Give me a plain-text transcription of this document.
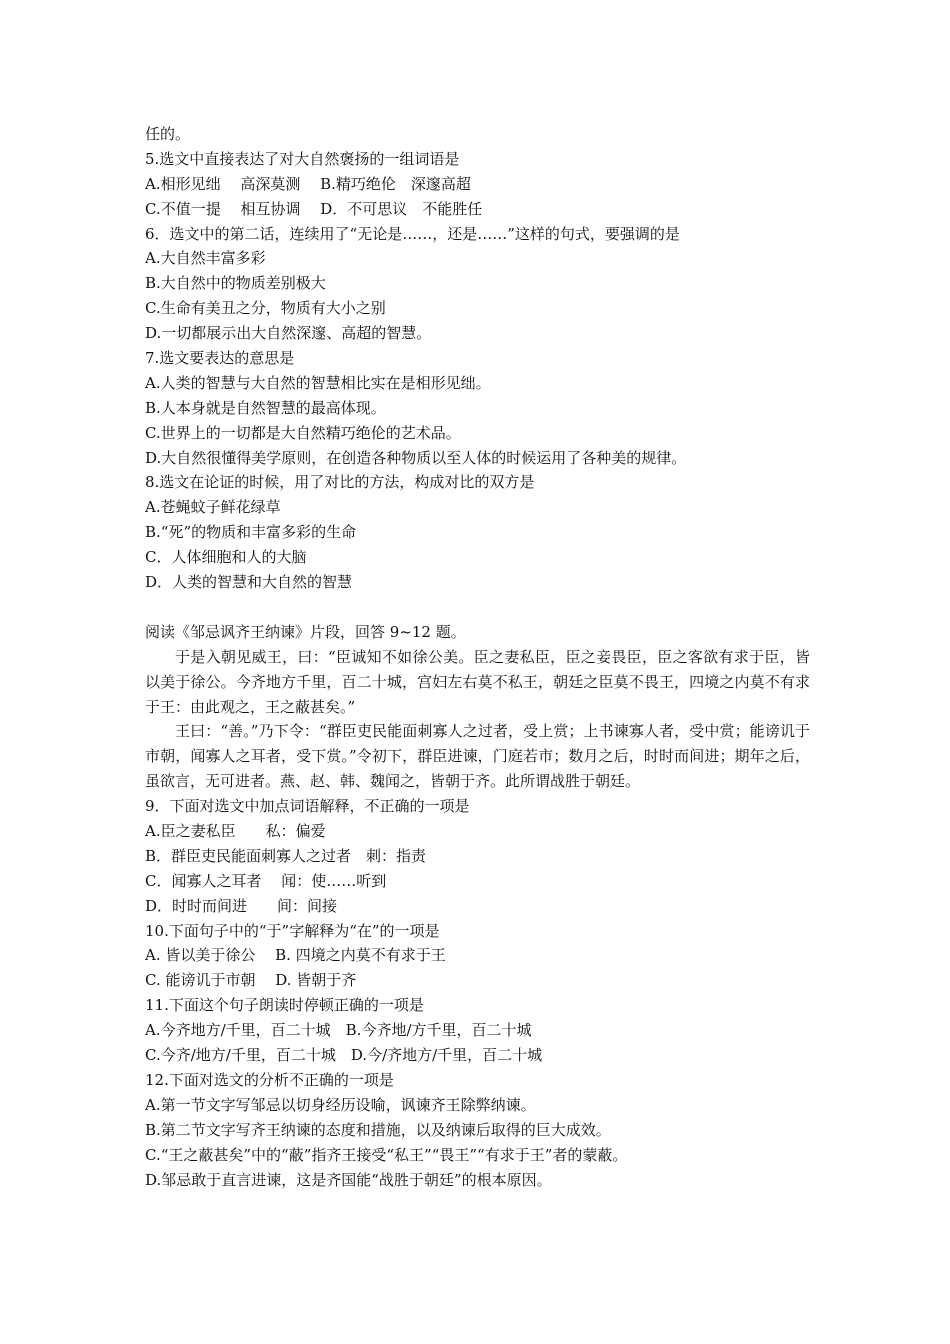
任的。
5.选文中直接表达了对大自然褒扬的一组词语是
A.相形见绌　 高深莫测　 B.精巧绝伦　深邃高超
C.不值一提　 相互协调　 D．不可思议　不能胜任
6．选文中的第二话，连续用了“无论是……，还是……”这样的句式，要强调的是
A.大自然丰富多彩
B.大自然中的物质差别极大
C.生命有美丑之分，物质有大小之别
D.一切都展示出大自然深邃、高超的智慧。
7.选文要表达的意思是
A.人类的智慧与大自然的智慧相比实在是相形见绌。
B.人本身就是自然智慧的最高体现。
C.世界上的一切都是大自然精巧绝伦的艺术品。
D.大自然很懂得美学原则，在创造各种物质以至人体的时候运用了各种美的规律。
8.选文在论证的时候，用了对比的方法，构成对比的双方是
A.苍蝇蚊子鲜花绿草
B.“死”的物质和丰富多彩的生命
C．人体细胞和人的大脑
D．人类的智慧和大自然的智慧
阅读《邹忌讽齐王纳谏》片段，回答 9~12 题。

于是入朝见威王，曰：“臣诚知不如徐公美。臣之妻私臣，臣之妾畏臣，臣之客欲有求于臣，皆以美于徐公。今齐地方千里，百二十城，宫妇左右莫不私王，朝廷之臣莫不畏王，四境之内莫不有求于王：由此观之，王之蔽甚矣。”

王曰：“善。”乃下令：“群臣吏民能面刺寡人之过者，受上赏；上书谏寡人者，受中赏；能谤讥于市朝，闻寡人之耳者，受下赏。”令初下，群臣进谏，门庭若市；数月之后，时时而间进；期年之后，虽欲言，无可进者。燕、赵、韩、魏闻之，皆朝于齐。此所谓战胜于朝廷。

9．下面对选文中加点词语解释，不正确的一项是
A.臣之妻私臣　　私：偏爱
B．群臣吏民能面刺寡人之过者　刺：指责
C．闻寡人之耳者　 闻：使……听到
D．时时而间进　　间：间接
10.下面句子中的“于”字解释为“在”的一项是
A. 皆以美于徐公　 B. 四境之内莫不有求于王
C. 能谤讥于市朝　 D. 皆朝于齐
11.下面这个句子朗读时停顿正确的一项是
A.今齐地方/千里，百二十城　B.今齐地/方千里，百二十城
C.今齐/地方/千里，百二十城　D.今/齐地方/千里，百二十城
12.下面对选文的分析不正确的一项是
A.第一节文字写邹忌以切身经历设喻，讽谏齐王除弊纳谏。
B.第二节文字写齐王纳谏的态度和措施，以及纳谏后取得的巨大成效。
C.“王之蔽甚矣”中的“蔽”指齐王接受“私王”“畏王”“有求于王”者的蒙蔽。
D.邹忌敢于直言进谏，这是齐国能“战胜于朝廷”的根本原因。
